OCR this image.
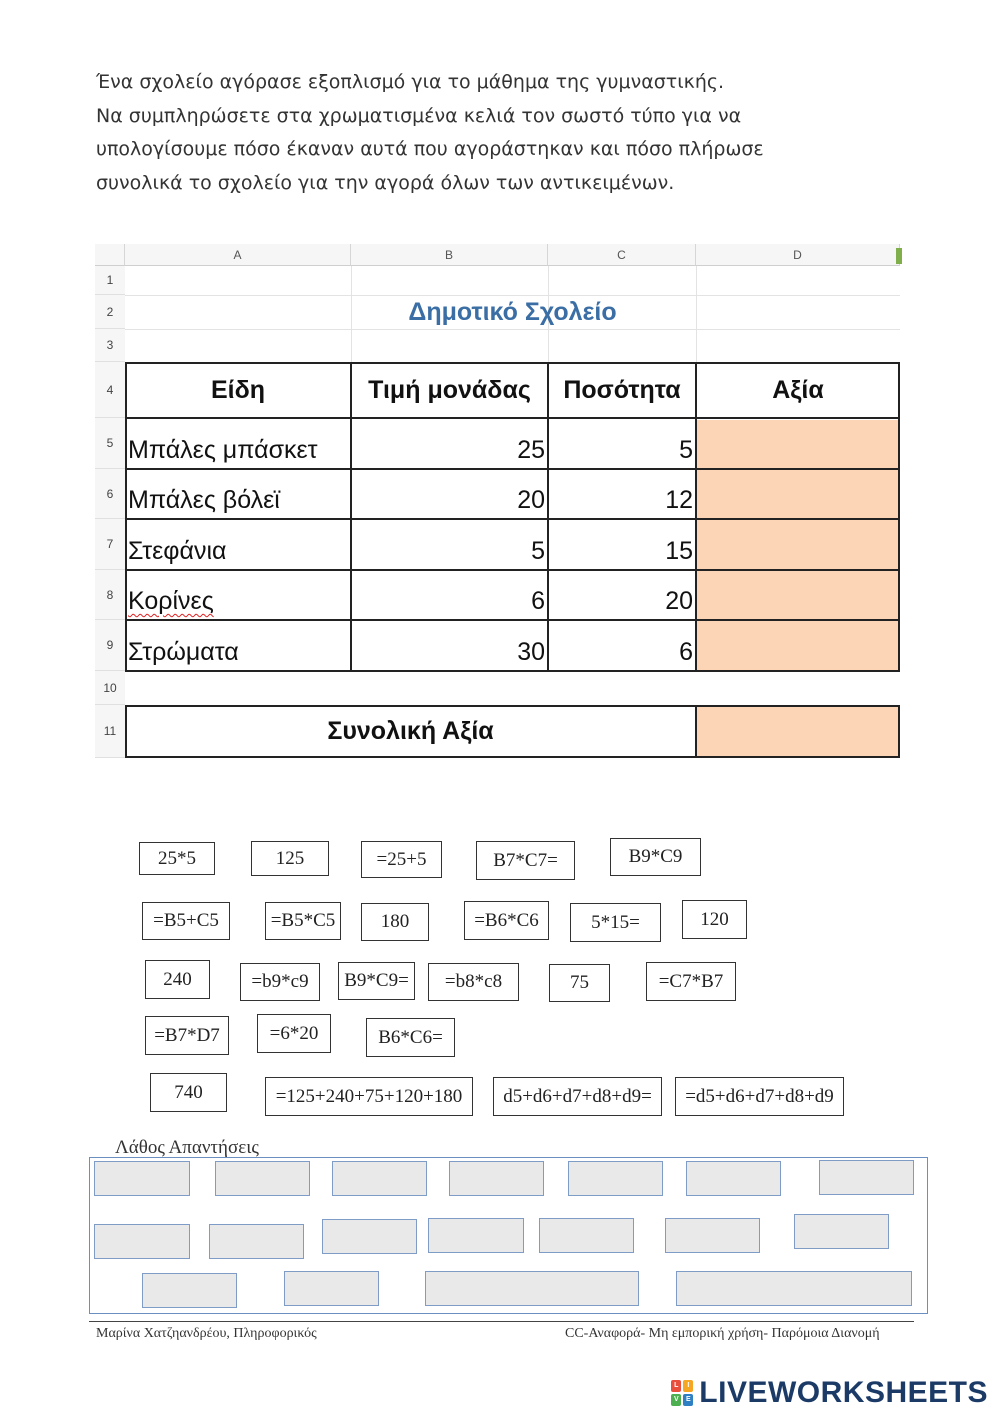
Ένα σχολείο αγόρασε εξοπλισμό για το μάθημα της γυμναστικής.
Να συμπληρώσετε στα χρωματισμένα κελιά τον σωστό τύπο για να
υπολογίσουμε πόσο έκαναν αυτά που αγοράστηκαν και πόσο πλήρωσε
συνολικά το σχολείο για την αγορά όλων των αντικειμένων.
A	B	C	D
1
2
3
4
5
6
7
8
9
10
11
Δημοτικό Σχολείο
Είδη	Τιμή μονάδας	Ποσότητα	Αξία
Μπάλες μπάσκετ	25	5
Μπάλες βόλεϊ	20	12
Στεφάνια	5	15
Κορίνες	6	20
Στρώματα	30	6
Συνολική Αξία
25*5	125	=25+5	B7*C7=	B9*C9
=B5+C5	=B5*C5	180	=B6*C6	5*15=	120
240	=b9*c9	B9*C9=	=b8*c8	75	=C7*B7
=B7*D7	=6*20	B6*C6=
740	=125+240+75+120+180	d5+d6+d7+d8+d9=	=d5+d6+d7+d8+d9
Λάθος Απαντήσεις
Μαρίνα Χατζηανδρέου, Πληροφορικός	CC-Αναφορά- Μη εμπορική χρήση- Παρόμοια Διανομή
L	I
V	E LIVEWORKSHEETS
